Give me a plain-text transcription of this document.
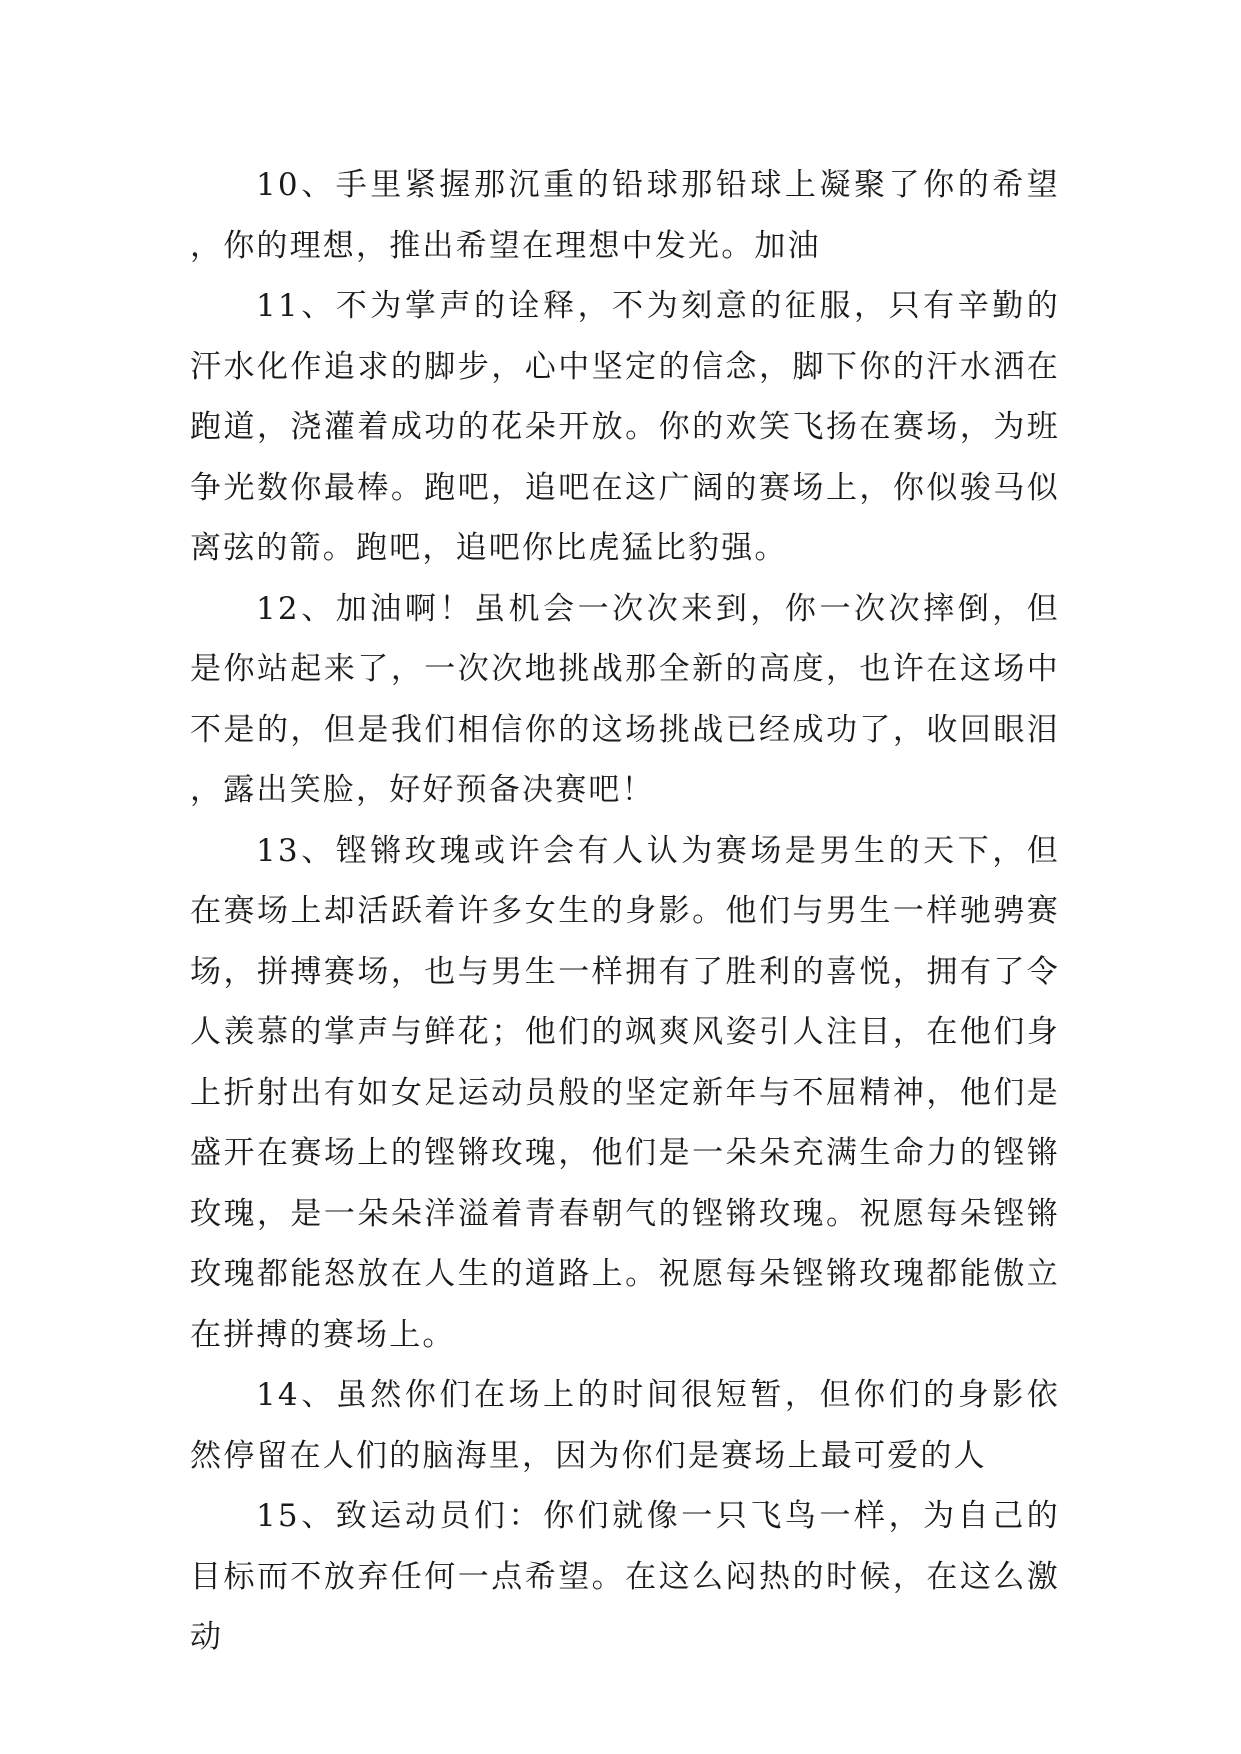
10、手里紧握那沉重的铅球那铅球上凝聚了你的希望，你的理想，推出希望在理想中发光。加油

11、不为掌声的诠释，不为刻意的征服，只有辛勤的汗水化作追求的脚步，心中坚定的信念，脚下你的汗水洒在跑道，浇灌着成功的花朵开放。你的欢笑飞扬在赛场，为班争光数你最棒。跑吧，追吧在这广阔的赛场上，你似骏马似离弦的箭。跑吧，追吧你比虎猛比豹强。

12、加油啊！虽机会一次次来到，你一次次摔倒，但是你站起来了，一次次地挑战那全新的高度，也许在这场中不是的，但是我们相信你的这场挑战已经成功了，收回眼泪，露出笑脸，好好预备决赛吧！

13、铿锵玫瑰或许会有人认为赛场是男生的天下，但在赛场上却活跃着许多女生的身影。他们与男生一样驰骋赛场，拼搏赛场，也与男生一样拥有了胜利的喜悦，拥有了令人羡慕的掌声与鲜花；他们的飒爽风姿引人注目，在他们身上折射出有如女足运动员般的坚定新年与不屈精神，他们是盛开在赛场上的铿锵玫瑰，他们是一朵朵充满生命力的铿锵玫瑰，是一朵朵洋溢着青春朝气的铿锵玫瑰。祝愿每朵铿锵玫瑰都能怒放在人生的道路上。祝愿每朵铿锵玫瑰都能傲立在拼搏的赛场上。

14、虽然你们在场上的时间很短暂，但你们的身影依然停留在人们的脑海里，因为你们是赛场上最可爱的人

15、致运动员们：你们就像一只飞鸟一样，为自己的目标而不放弃任何一点希望。在这么闷热的时候，在这么激动
